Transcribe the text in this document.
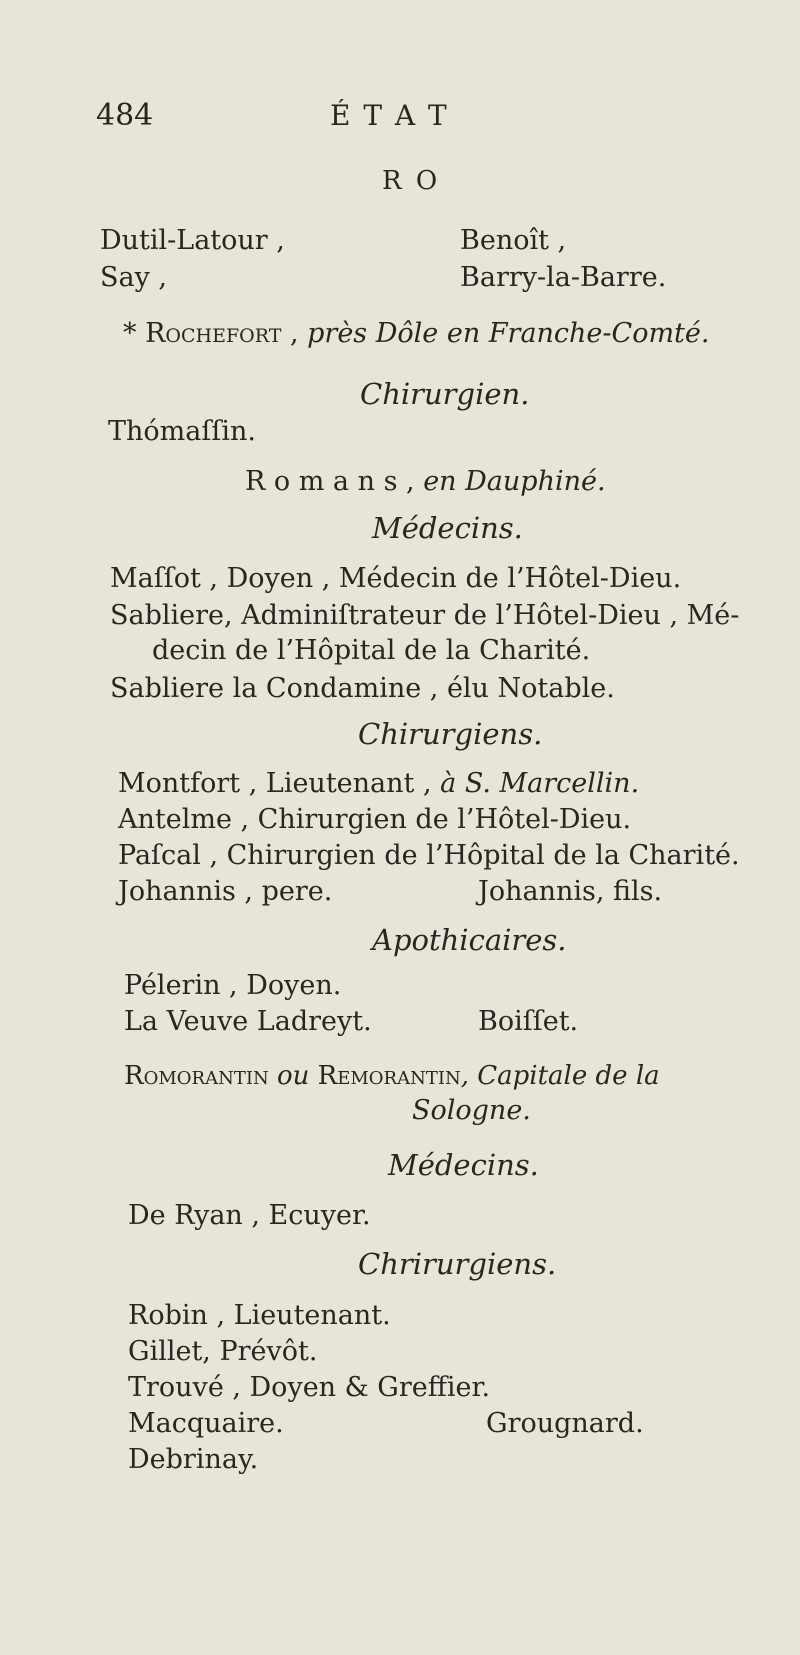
484	É T A T
R O
Dutil-Latour ,	Benoît ,
Say ,	Barry-la-Barre.
* Rochefort , près Dôle en Franche-Comté.
Chirurgien.
Thómaſſin.
R o m a n s , en Dauphiné.
Médecins.
Maſſot , Doyen , Médecin de l’Hôtel-Dieu.
Sabliere, Adminiſtrateur de l’Hôtel-Dieu , Mé-
decin de l’Hôpital de la Charité.
Sabliere la Condamine , élu Notable.
Chirurgiens.
Montfort , Lieutenant , à S. Marcellin.
Antelme , Chirurgien de l’Hôtel-Dieu.
Paſcal , Chirurgien de l’Hôpital de la Charité.
Johannis , pere.	Johannis, fils.
Apothicaires.
Pélerin , Doyen.
La Veuve Ladreyt.	Boiſſet.
Romorantin ou Remorantin, Capitale de la
Sologne.
Médecins.
De Ryan , Ecuyer.
Chrirurgiens.
Robin , Lieutenant.
Gillet, Prévôt.
Trouvé , Doyen & Greffier.
Macquaire.	Grougnard.
Debrinay.
